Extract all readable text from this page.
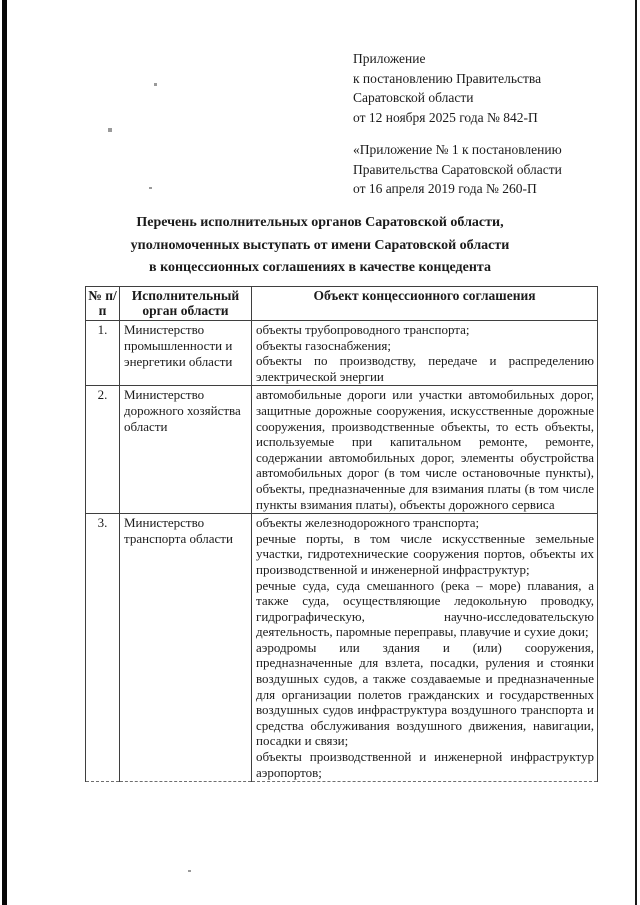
Приложение
к постановлению Правительства
Саратовской области
от 12 ноября 2025 года № 842-П
«Приложение № 1 к постановлению
Правительства Саратовской области
от 16 апреля 2019 года № 260-П
Перечень исполнительных органов Саратовской области,
уполномоченных выступать от имени Саратовской области
в концессионных соглашениях в качестве концедента
№ п/п	Исполнительный орган области	Объект концессионного соглашения
1.	Министерство промышленности и энергетики области	объекты трубопроводного транспорта;

объекты газоснабжения;

объекты по производству, передаче и распределению электрической энергии

2.	Министерство дорожного хозяйства области	автомобильные дороги или участки автомобильных дорог, защитные дорожные сооружения, искусственные дорожные сооружения, производственные объекты, то есть объекты, используемые при капитальном ремонте, ремонте, содержании автомобильных дорог, элементы обустройства автомобильных дорог (в том числе остановочные пункты), объекты, предназначенные для взимания платы (в том числе пункты взимания платы), объекты дорожного сервиса

3.	Министерство транспорта области	объекты железнодорожного транспорта;

речные порты, в том числе искусственные земельные участки, гидротехнические сооружения портов, объекты их производственной и инженерной инфраструктур;

речные суда, суда смешанного (река – море) плавания, а также суда, осуществляющие ледокольную проводку, гидрографическую, научно-исследовательскую деятельность, паромные переправы, плавучие и сухие доки;

аэродромы или здания и (или) сооружения, предназначенные для взлета, посадки, руления и стоянки воздушных судов, а также создаваемые и предназначенные для организации полетов гражданских и государственных воздушных судов инфраструктура воздушного транспорта и средства обслуживания воздушного движения, навигации, посадки и связи;

объекты производственной и инженерной инфраструктур аэропортов;
